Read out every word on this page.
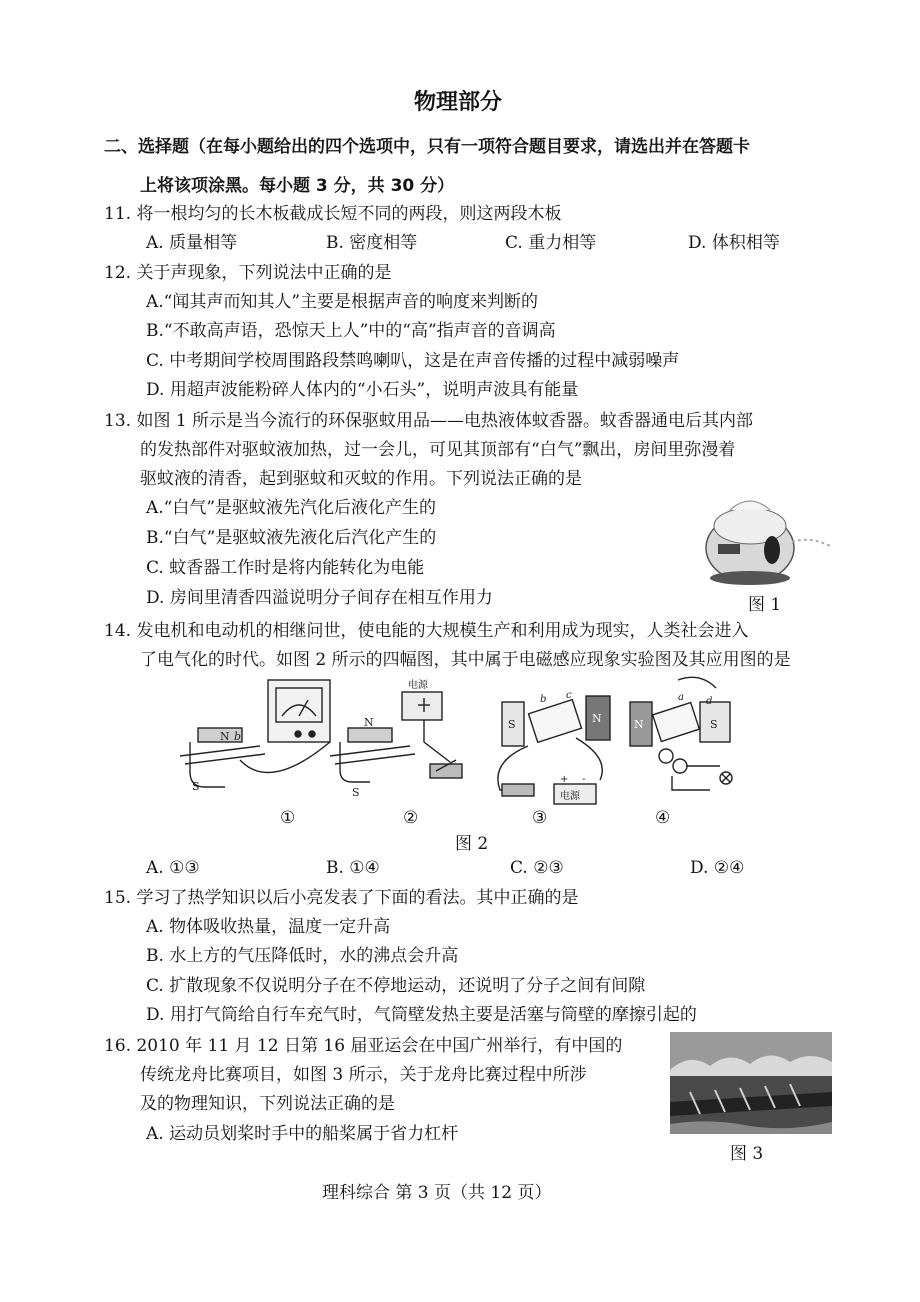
物理部分
二、选择题（在每小题给出的四个选项中，只有一项符合题目要求，请选出并在答题卡
上将该项涂黑。每小题 3 分，共 30 分）
11. 将一根均匀的长木板截成长短不同的两段，则这两段木板
A. 质量相等	B. 密度相等	C. 重力相等	D. 体积相等
12. 关于声现象，下列说法中正确的是
A.“闻其声而知其人”主要是根据声音的响度来判断的
B.“不敢高声语，恐惊天上人”中的“高”指声音的音调高
C. 中考期间学校周围路段禁鸣喇叭，这是在声音传播的过程中减弱噪声
D. 用超声波能粉碎人体内的“小石头”，说明声波具有能量
13. 如图 1 所示是当今流行的环保驱蚊用品——电热液体蚊香器。蚊香器通电后其内部
的发热部件对驱蚊液加热，过一会儿，可见其顶部有“白气”飘出，房间里弥漫着
驱蚊液的清香，起到驱蚊和灭蚊的作用。下列说法正确的是
A.“白气”是驱蚊液先汽化后液化产生的
B.“白气”是驱蚊液先液化后汽化产生的
C. 蚊香器工作时是将内能转化为电能
D. 房间里清香四溢说明分子间存在相互作用力	图 1
14. 发电机和电动机的相继问世，使电能的大规模生产和利用成为现实，人类社会进入
了电气化的时代。如图 2 所示的四幅图，其中属于电磁感应现象实验图及其应用图的是
N b
S
电源
N
S
S	N
b c
电源
+ -
N	S
a d
①	②	③	④
图 2
A. ①③	B. ①④	C. ②③	D. ②④
15. 学习了热学知识以后小亮发表了下面的看法。其中正确的是
A. 物体吸收热量，温度一定升高
B. 水上方的气压降低时，水的沸点会升高
C. 扩散现象不仅说明分子在不停地运动，还说明了分子之间有间隙
D. 用打气筒给自行车充气时，气筒壁发热主要是活塞与筒壁的摩擦引起的
16. 2010 年 11 月 12 日第 16 届亚运会在中国广州举行，有中国的
传统龙舟比赛项目，如图 3 所示，关于龙舟比赛过程中所涉
及的物理知识，下列说法正确的是
A. 运动员划桨时手中的船桨属于省力杠杆
图 3
理科综合 第 3 页（共 12 页）
